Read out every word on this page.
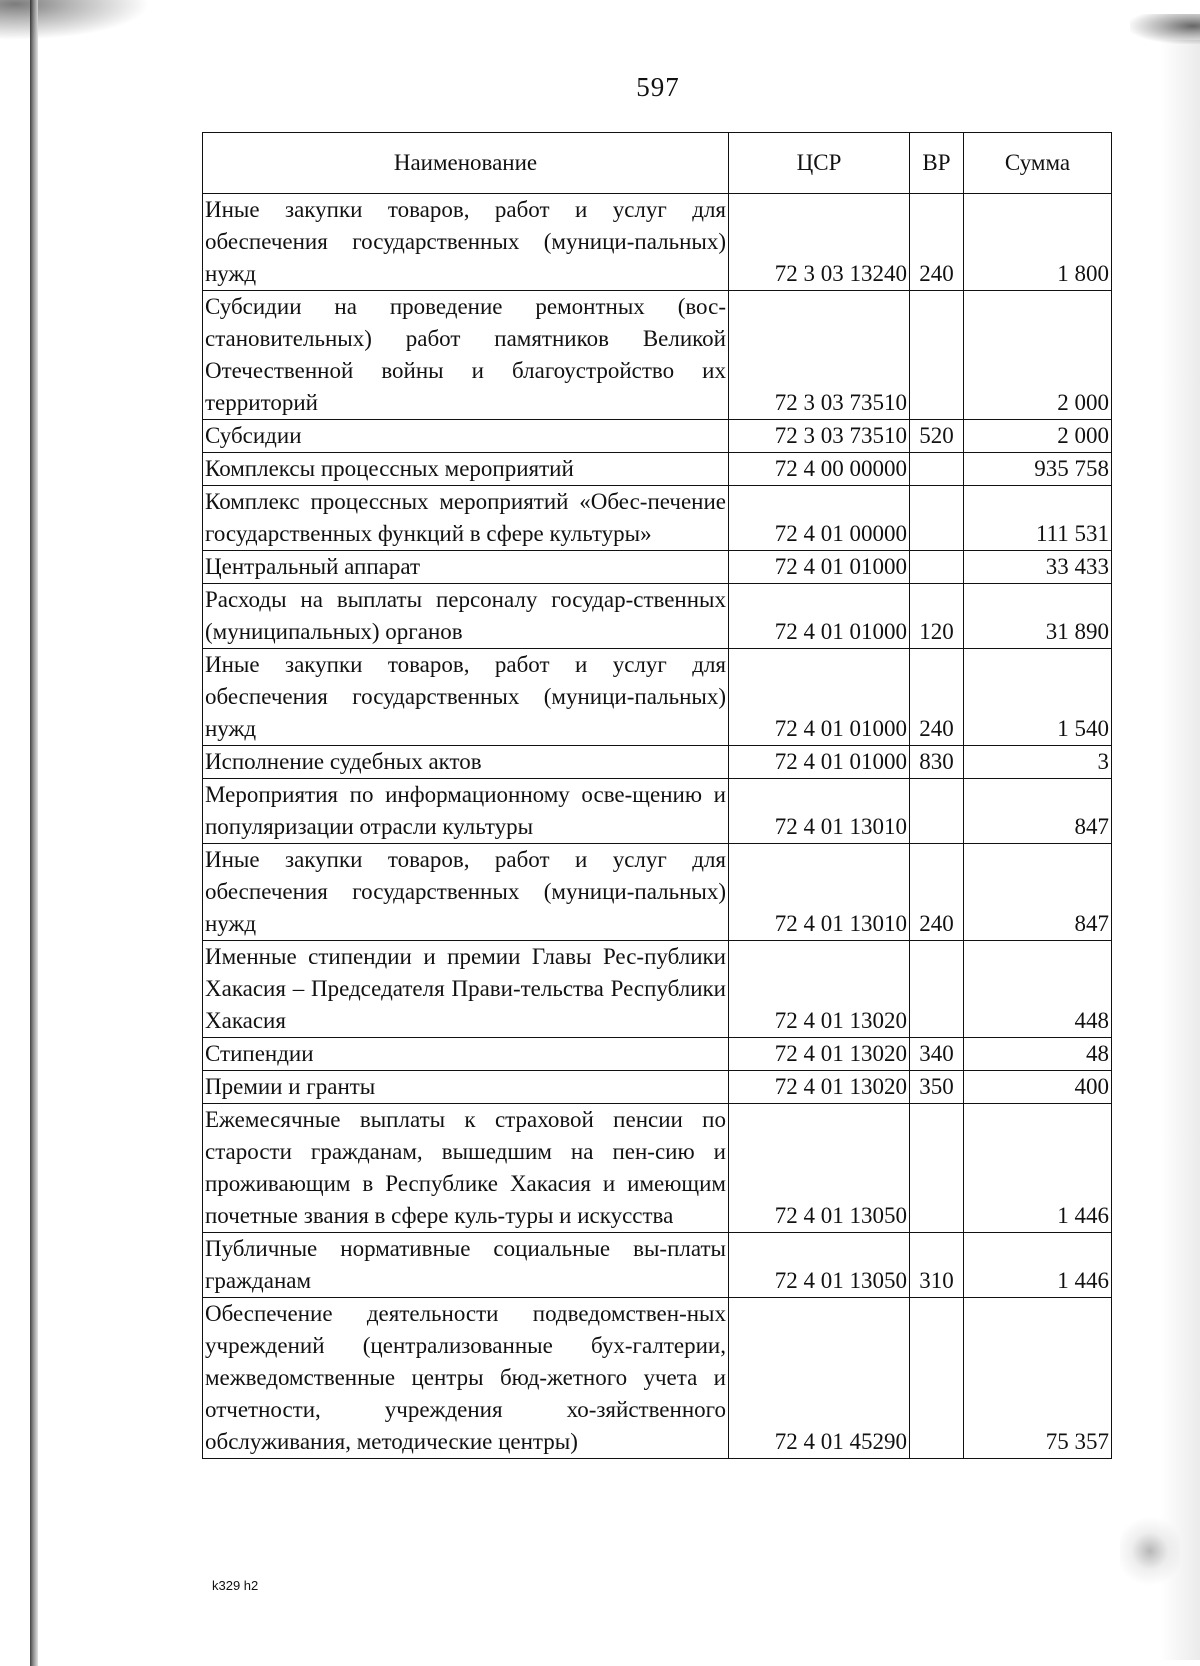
597
Наименование	ЦСР	ВР	Сумма
Иные закупки товаров, работ и услуг для обеспечения государственных (муници-пальных) нужд	72 3 03 13240	240	1 800
Субсидии на проведение ремонтных (вос-становительных) работ памятников Великой Отечественной войны и благоустройство их территорий	72 3 03 73510		2 000
Субсидии	72 3 03 73510	520	2 000
Комплексы процессных мероприятий	72 4 00 00000		935 758
Комплекс процессных мероприятий «Обес-печение государственных функций в сфере культуры»	72 4 01 00000		111 531
Центральный аппарат	72 4 01 01000		33 433
Расходы на выплаты персоналу государ-ственных (муниципальных) органов	72 4 01 01000	120	31 890
Иные закупки товаров, работ и услуг для обеспечения государственных (муници-пальных) нужд	72 4 01 01000	240	1 540
Исполнение судебных актов	72 4 01 01000	830	3
Мероприятия по информационному осве-щению и популяризации отрасли культуры	72 4 01 13010		847
Иные закупки товаров, работ и услуг для обеспечения государственных (муници-пальных) нужд	72 4 01 13010	240	847
Именные стипендии и премии Главы Рес-публики Хакасия – Председателя Прави-тельства Республики Хакасия	72 4 01 13020		448
Стипендии	72 4 01 13020	340	48
Премии и гранты	72 4 01 13020	350	400
Ежемесячные выплаты к страховой пенсии по старости гражданам, вышедшим на пен-сию и проживающим в Республике Хакасия и имеющим почетные звания в сфере куль-туры и искусства	72 4 01 13050		1 446
Публичные нормативные социальные вы-платы гражданам	72 4 01 13050	310	1 446
Обеспечение деятельности подведомствен-ных учреждений (централизованные бух-галтерии, межведомственные центры бюд-жетного учета и отчетности, учреждения хо-зяйственного обслуживания, методические центры)	72 4 01 45290		75 357
k329 h2
